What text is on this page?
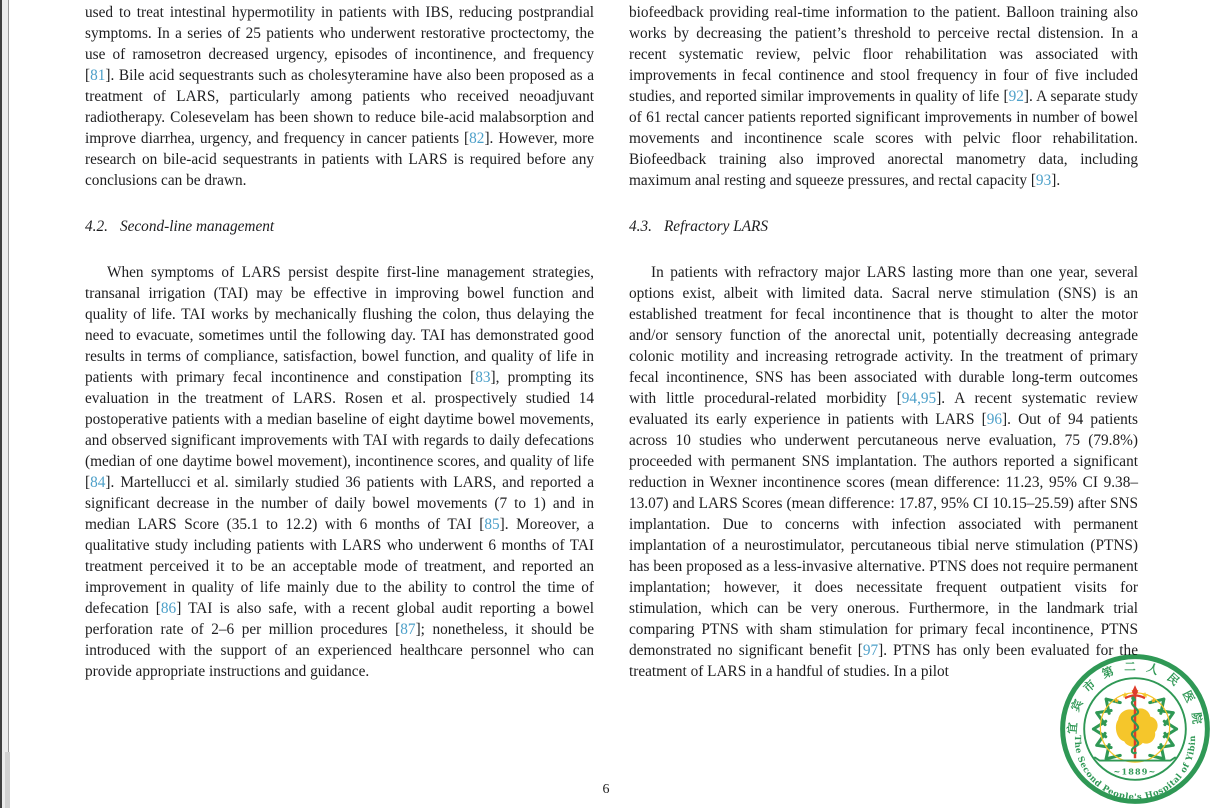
used to treat intestinal hypermotility in patients with IBS, reducing postprandial symptoms. In a series of 25 patients who underwent restorative proctectomy, the use of ramosetron decreased urgency, episodes of incontinence, and frequency [81]. Bile acid sequestrants such as cholesyteramine have also been proposed as a treatment of LARS, particularly among patients who received neoadjuvant radiotherapy. Colesevelam has been shown to reduce bile-acid malabsorption and improve diarrhea, urgency, and frequency in cancer patients [82]. However, more research on bile-acid sequestrants in patients with LARS is required before any conclusions can be drawn.
4.2. Second-line management
When symptoms of LARS persist despite first-line management strategies, transanal irrigation (TAI) may be effective in improving bowel function and quality of life. TAI works by mechanically flushing the colon, thus delaying the need to evacuate, sometimes until the following day. TAI has demonstrated good results in terms of compliance, satisfaction, bowel function, and quality of life in patients with primary fecal incontinence and constipation [83], prompting its evaluation in the treatment of LARS. Rosen et al. prospectively studied 14 postoperative patients with a median baseline of eight daytime bowel movements, and observed significant improvements with TAI with regards to daily defecations (median of one daytime bowel movement), incontinence scores, and quality of life [84]. Martellucci et al. similarly studied 36 patients with LARS, and reported a significant decrease in the number of daily bowel movements (7 to 1) and in median LARS Score (35.1 to 12.2) with 6 months of TAI [85]. Moreover, a qualitative study including patients with LARS who underwent 6 months of TAI treatment perceived it to be an acceptable mode of treatment, and reported an improvement in quality of life mainly due to the ability to control the time of defecation [86] TAI is also safe, with a recent global audit reporting a bowel perforation rate of 2–6 per million procedures [87]; nonetheless, it should be introduced with the support of an experienced healthcare personnel who can provide appropriate instructions and guidance.
biofeedback providing real-time information to the patient. Balloon training also works by decreasing the patient’s threshold to perceive rectal distension. In a recent systematic review, pelvic floor rehabilitation was associated with improvements in fecal continence and stool frequency in four of five included studies, and reported similar improvements in quality of life [92]. A separate study of 61 rectal cancer patients reported significant improvements in number of bowel movements and incontinence scale scores with pelvic floor rehabilitation. Biofeedback training also improved anorectal manometry data, including maximum anal resting and squeeze pressures, and rectal capacity [93].
4.3. Refractory LARS
In patients with refractory major LARS lasting more than one year, several options exist, albeit with limited data. Sacral nerve stimulation (SNS) is an established treatment for fecal incontinence that is thought to alter the motor and/or sensory function of the anorectal unit, potentially decreasing antegrade colonic motility and increasing retrograde activity. In the treatment of primary fecal incontinence, SNS has been associated with durable long-term outcomes with little procedural-related morbidity [94,95]. A recent systematic review evaluated its early experience in patients with LARS [96]. Out of 94 patients across 10 studies who underwent percutaneous nerve evaluation, 75 (79.8%) proceeded with permanent SNS implantation. The authors reported a significant reduction in Wexner incontinence scores (mean difference: 11.23, 95% CI 9.38–13.07) and LARS Scores (mean difference: 17.87, 95% CI 10.15–25.59) after SNS implantation. Due to concerns with infection associated with permanent implantation of a neurostimulator, percutaneous tibial nerve stimulation (PTNS) has been proposed as a less-invasive alternative. PTNS does not require permanent implantation; however, it does necessitate frequent outpatient visits for stimulation, which can be very onerous. Furthermore, in the landmark trial comparing PTNS with sham stimulation for primary fecal incontinence, PTNS demonstrated no significant benefit [97]. PTNS has only been evaluated for the treatment of LARS in a handful of studies. In a pilot
6
宜宾市第二人民医院
The Second People's Hospital of Yibin
~1889~
